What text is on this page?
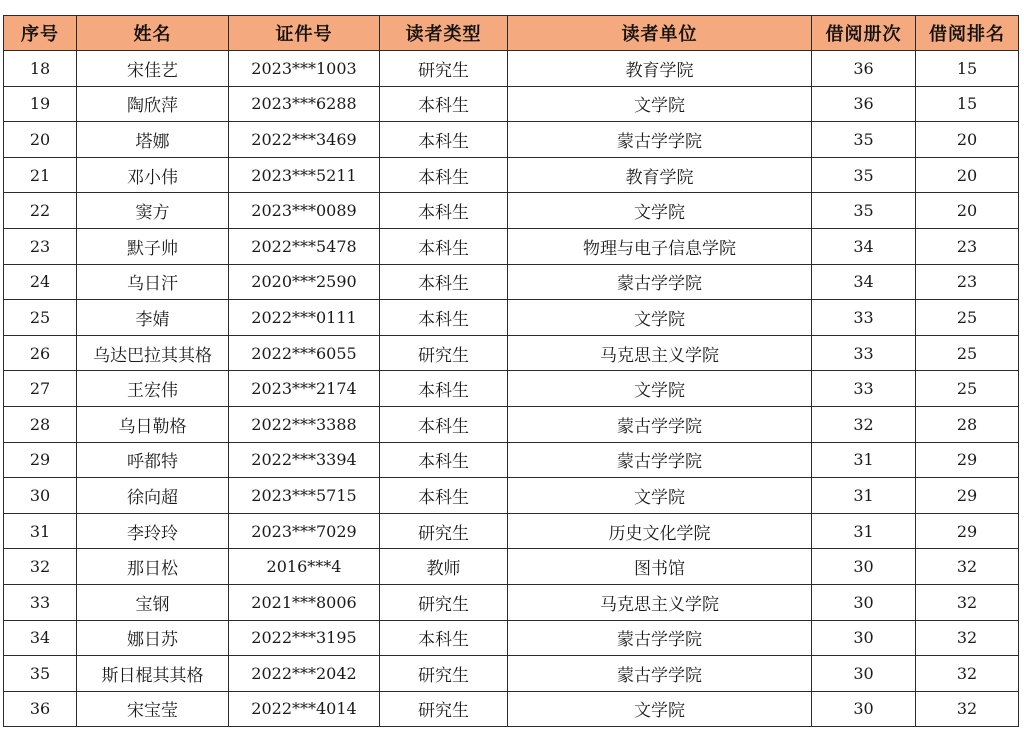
序号	姓名	证件号	读者类型	读者单位	借阅册次	借阅排名
18	宋佳艺	2023***1003	研究生	教育学院	36	15
19	陶欣萍	2023***6288	本科生	文学院	36	15
20	塔娜	2022***3469	本科生	蒙古学学院	35	20
21	邓小伟	2023***5211	本科生	教育学院	35	20
22	窦方	2023***0089	本科生	文学院	35	20
23	默子帅	2022***5478	本科生	物理与电子信息学院	34	23
24	乌日汗	2020***2590	本科生	蒙古学学院	34	23
25	李婧	2022***0111	本科生	文学院	33	25
26	乌达巴拉其其格	2022***6055	研究生	马克思主义学院	33	25
27	王宏伟	2023***2174	本科生	文学院	33	25
28	乌日勒格	2022***3388	本科生	蒙古学学院	32	28
29	呼都特	2022***3394	本科生	蒙古学学院	31	29
30	徐向超	2023***5715	本科生	文学院	31	29
31	李玲玲	2023***7029	研究生	历史文化学院	31	29
32	那日松	2016***4	教师	图书馆	30	32
33	宝钢	2021***8006	研究生	马克思主义学院	30	32
34	娜日苏	2022***3195	本科生	蒙古学学院	30	32
35	斯日棍其其格	2022***2042	研究生	蒙古学学院	30	32
36	宋宝莹	2022***4014	研究生	文学院	30	32
